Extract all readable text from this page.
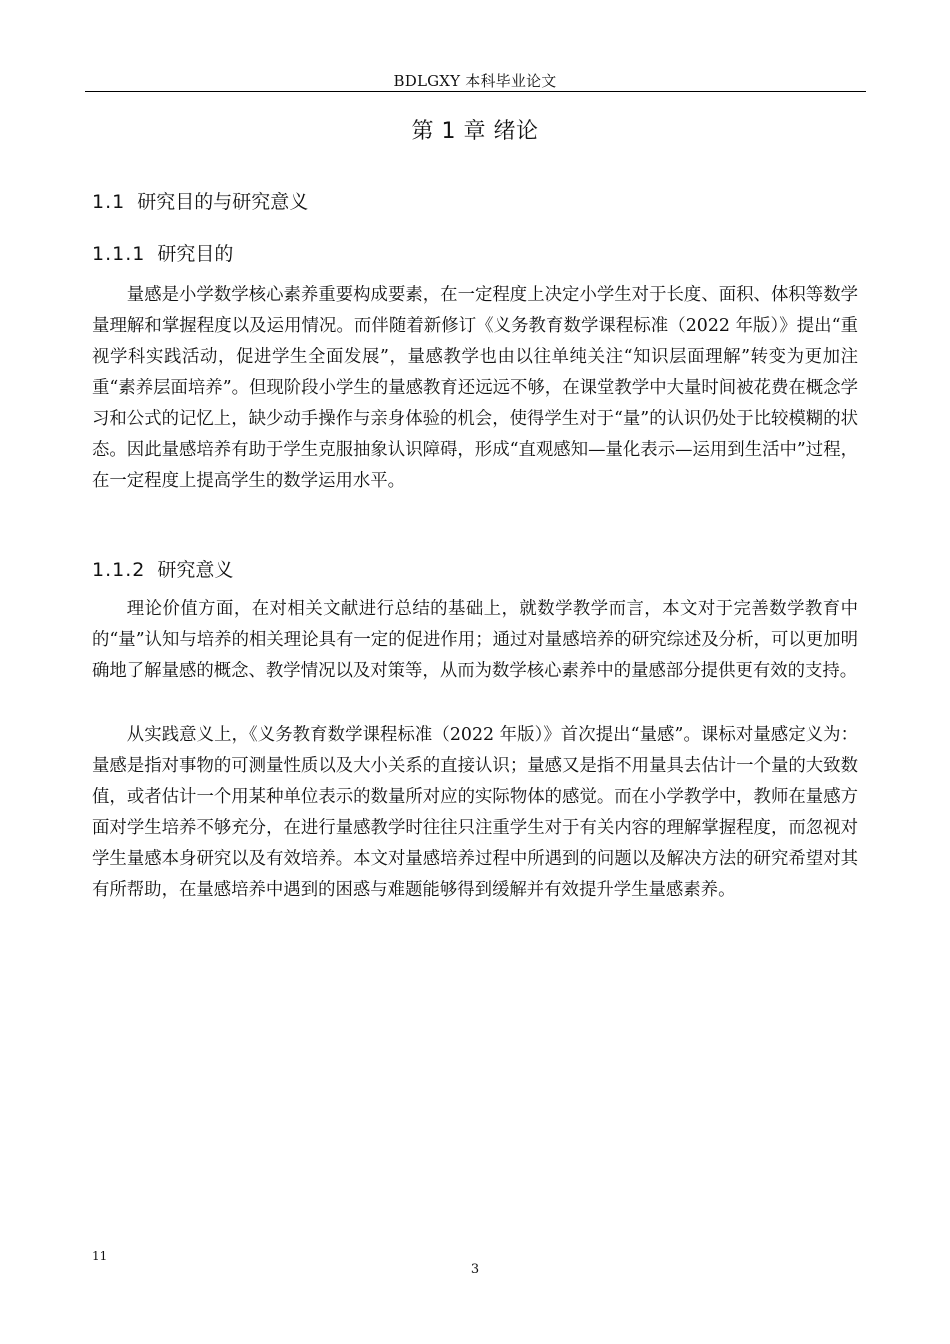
BDLGXY 本科毕业论文
第 1 章 绪论
1.1 研究目的与研究意义
1.1.1 研究目的

量感是小学数学核心素养重要构成要素，在一定程度上决定小学生对于长度、面积、体积等数学量理解和掌握程度以及运用情况。而伴随着新修订《义务教育数学课程标准（2022 年版）》提出“重视学科实践活动，促进学生全面发展”，量感教学也由以往单纯关注“知识层面理解”转变为更加注重“素养层面培养”。但现阶段小学生的量感教育还远远不够，在课堂教学中大量时间被花费在概念学习和公式的记忆上，缺少动手操作与亲身体验的机会，使得学生对于“量”的认识仍处于比较模糊的状态。因此量感培养有助于学生克服抽象认识障碍，形成“直观感知—量化表示—运用到生活中”过程，在一定程度上提高学生的数学运用水平。

1.1.2 研究意义

理论价值方面，在对相关文献进行总结的基础上，就数学教学而言，本文对于完善数学教育中的“量”认知与培养的相关理论具有一定的促进作用；通过对量感培养的研究综述及分析，可以更加明确地了解量感的概念、教学情况以及对策等，从而为数学核心素养中的量感部分提供更有效的支持。

从实践意义上，《义务教育数学课程标准（2022 年版）》首次提出“量感”。课标对量感定义为：量感是指对事物的可测量性质以及大小关系的直接认识；量感又是指不用量具去估计一个量的大致数值，或者估计一个用某种单位表示的数量所对应的实际物体的感觉。而在小学教学中，教师在量感方面对学生培养不够充分，在进行量感教学时往往只注重学生对于有关内容的理解掌握程度，而忽视对学生量感本身研究以及有效培养。本文对量感培养过程中所遇到的问题以及解决方法的研究希望对其有所帮助，在量感培养中遇到的困惑与难题能够得到缓解并有效提升学生量感素养。

11
3
